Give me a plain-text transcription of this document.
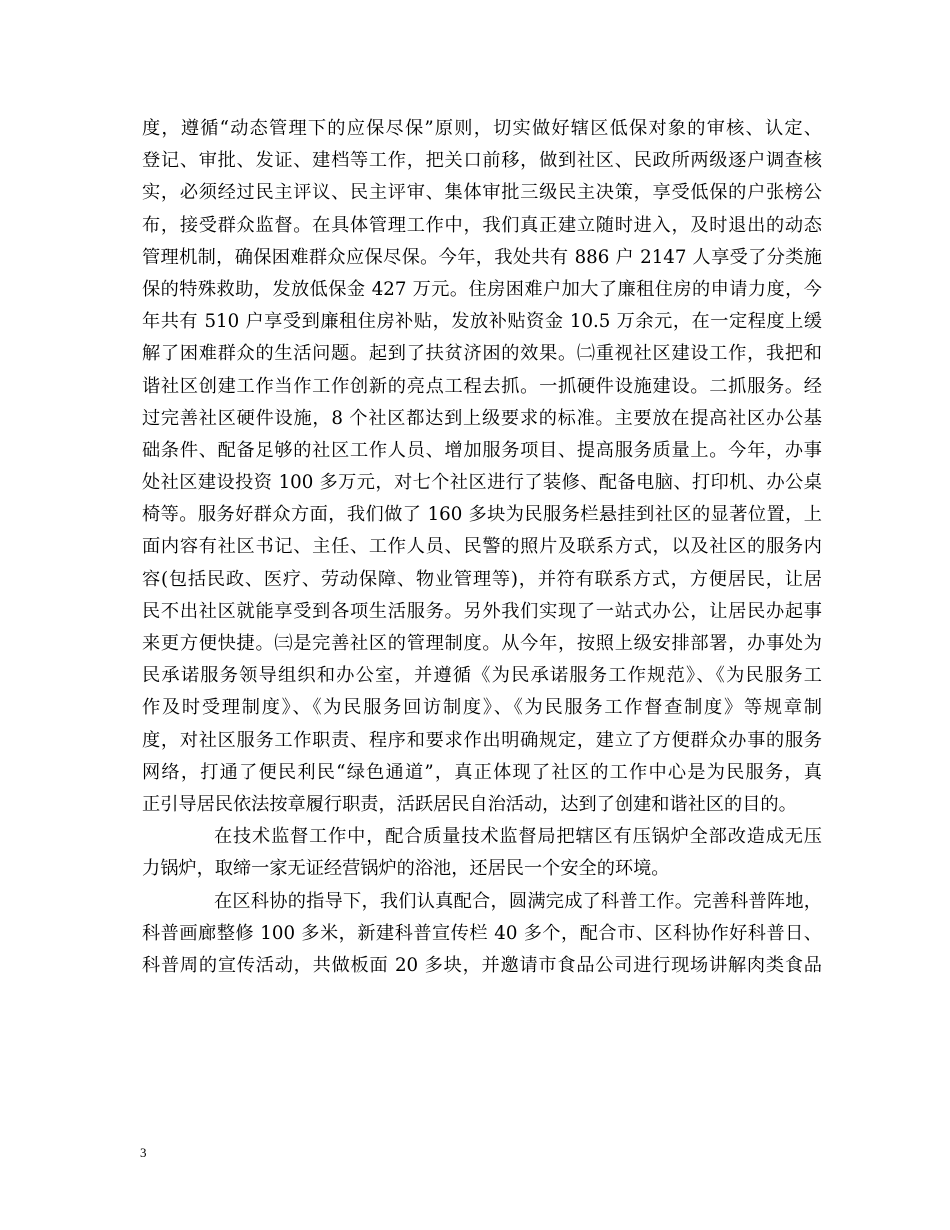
度，遵循“动态管理下的应保尽保”原则，切实做好辖区低保对象的审核、认定、
登记、审批、发证、建档等工作，把关口前移，做到社区、民政所两级逐户调查核
实，必须经过民主评议、民主评审、集体审批三级民主决策，享受低保的户张榜公
布，接受群众监督。在具体管理工作中，我们真正建立随时进入，及时退出的动态
管理机制，确保困难群众应保尽保。今年，我处共有 886 户 2147 人享受了分类施
保的特殊救助，发放低保金 427 万元。住房困难户加大了廉租住房的申请力度，今
年共有 510 户享受到廉租住房补贴，发放补贴资金 10.5 万余元，在一定程度上缓
解了困难群众的生活问题。起到了扶贫济困的效果。㈡重视社区建设工作，我把和
谐社区创建工作当作工作创新的亮点工程去抓。一抓硬件设施建设。二抓服务。经
过完善社区硬件设施，8 个社区都达到上级要求的标准。主要放在提高社区办公基
础条件、配备足够的社区工作人员、增加服务项目、提高服务质量上。今年，办事
处社区建设投资 100 多万元，对七个社区进行了装修、配备电脑、打印机、办公桌
椅等。服务好群众方面，我们做了 160 多块为民服务栏悬挂到社区的显著位置，上
面内容有社区书记、主任、工作人员、民警的照片及联系方式，以及社区的服务内
容(包括民政、医疗、劳动保障、物业管理等)，并符有联系方式，方便居民，让居
民不出社区就能享受到各项生活服务。另外我们实现了一站式办公，让居民办起事
来更方便快捷。㈢是完善社区的管理制度。从今年，按照上级安排部署，办事处为
民承诺服务领导组织和办公室，并遵循《为民承诺服务工作规范》、《为民服务工
作及时受理制度》、《为民服务回访制度》、《为民服务工作督查制度》等规章制
度，对社区服务工作职责、程序和要求作出明确规定，建立了方便群众办事的服务
网络，打通了便民利民“绿色通道”，真正体现了社区的工作中心是为民服务，真
正引导居民依法按章履行职责，活跃居民自治活动，达到了创建和谐社区的目的。
在技术监督工作中，配合质量技术监督局把辖区有压锅炉全部改造成无压
力锅炉，取缔一家无证经营锅炉的浴池，还居民一个安全的环境。
在区科协的指导下，我们认真配合，圆满完成了科普工作。完善科普阵地，
科普画廊整修 100 多米，新建科普宣传栏 40 多个，配合市、区科协作好科普日、
科普周的宣传活动，共做板面 20 多块，并邀请市食品公司进行现场讲解肉类食品
3
